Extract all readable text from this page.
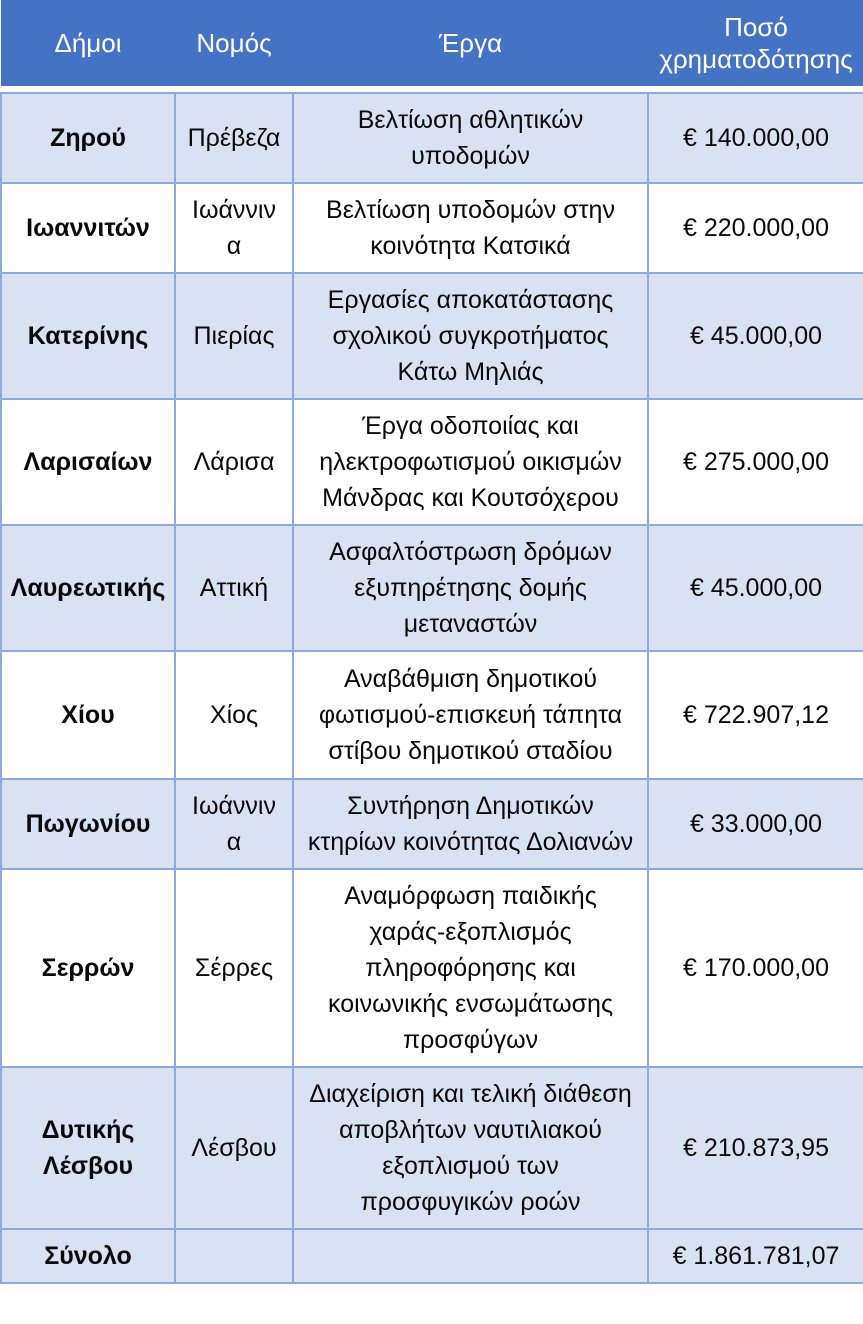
Δήμοι	Νομός	Έργα	Ποσό χρηματοδότησης

Ζηρού	Πρέβεζα	Βελτίωση αθλητικών υποδομών	€ 140.000,00
Ιωαννιτών	Ιωάννινα	Βελτίωση υποδομών στην κοινότητα Κατσικά	€ 220.000,00
Κατερίνης	Πιερίας	Εργασίες αποκατάστασης σχολικού συγκροτήματος Κάτω Μηλιάς	€ 45.000,00
Λαρισαίων	Λάρισα	Έργα οδοποιίας και ηλεκτροφωτισμού οικισμών Μάνδρας και Κουτσόχερου	€ 275.000,00
Λαυρεωτικής	Αττική	Ασφαλτόστρωση δρόμων εξυπηρέτησης δομής μεταναστών	€ 45.000,00
Χίου	Χίος	Αναβάθμιση δημοτικού φωτισμού-επισκευή τάπητα στίβου δημοτικού σταδίου	€ 722.907,12
Πωγωνίου	Ιωάννινα	Συντήρηση Δημοτικών κτηρίων κοινότητας Δολιανών	€ 33.000,00
Σερρών	Σέρρες	Αναμόρφωση παιδικής χαράς-εξοπλισμός πληροφόρησης και κοινωνικής ενσωμάτωσης προσφύγων	€ 170.000,00
Δυτικής Λέσβου	Λέσβου	Διαχείριση και τελική διάθεση αποβλήτων ναυτιλιακού εξοπλισμού των προσφυγικών ροών	€ 210.873,95
Σύνολο			€ 1.861.781,07
